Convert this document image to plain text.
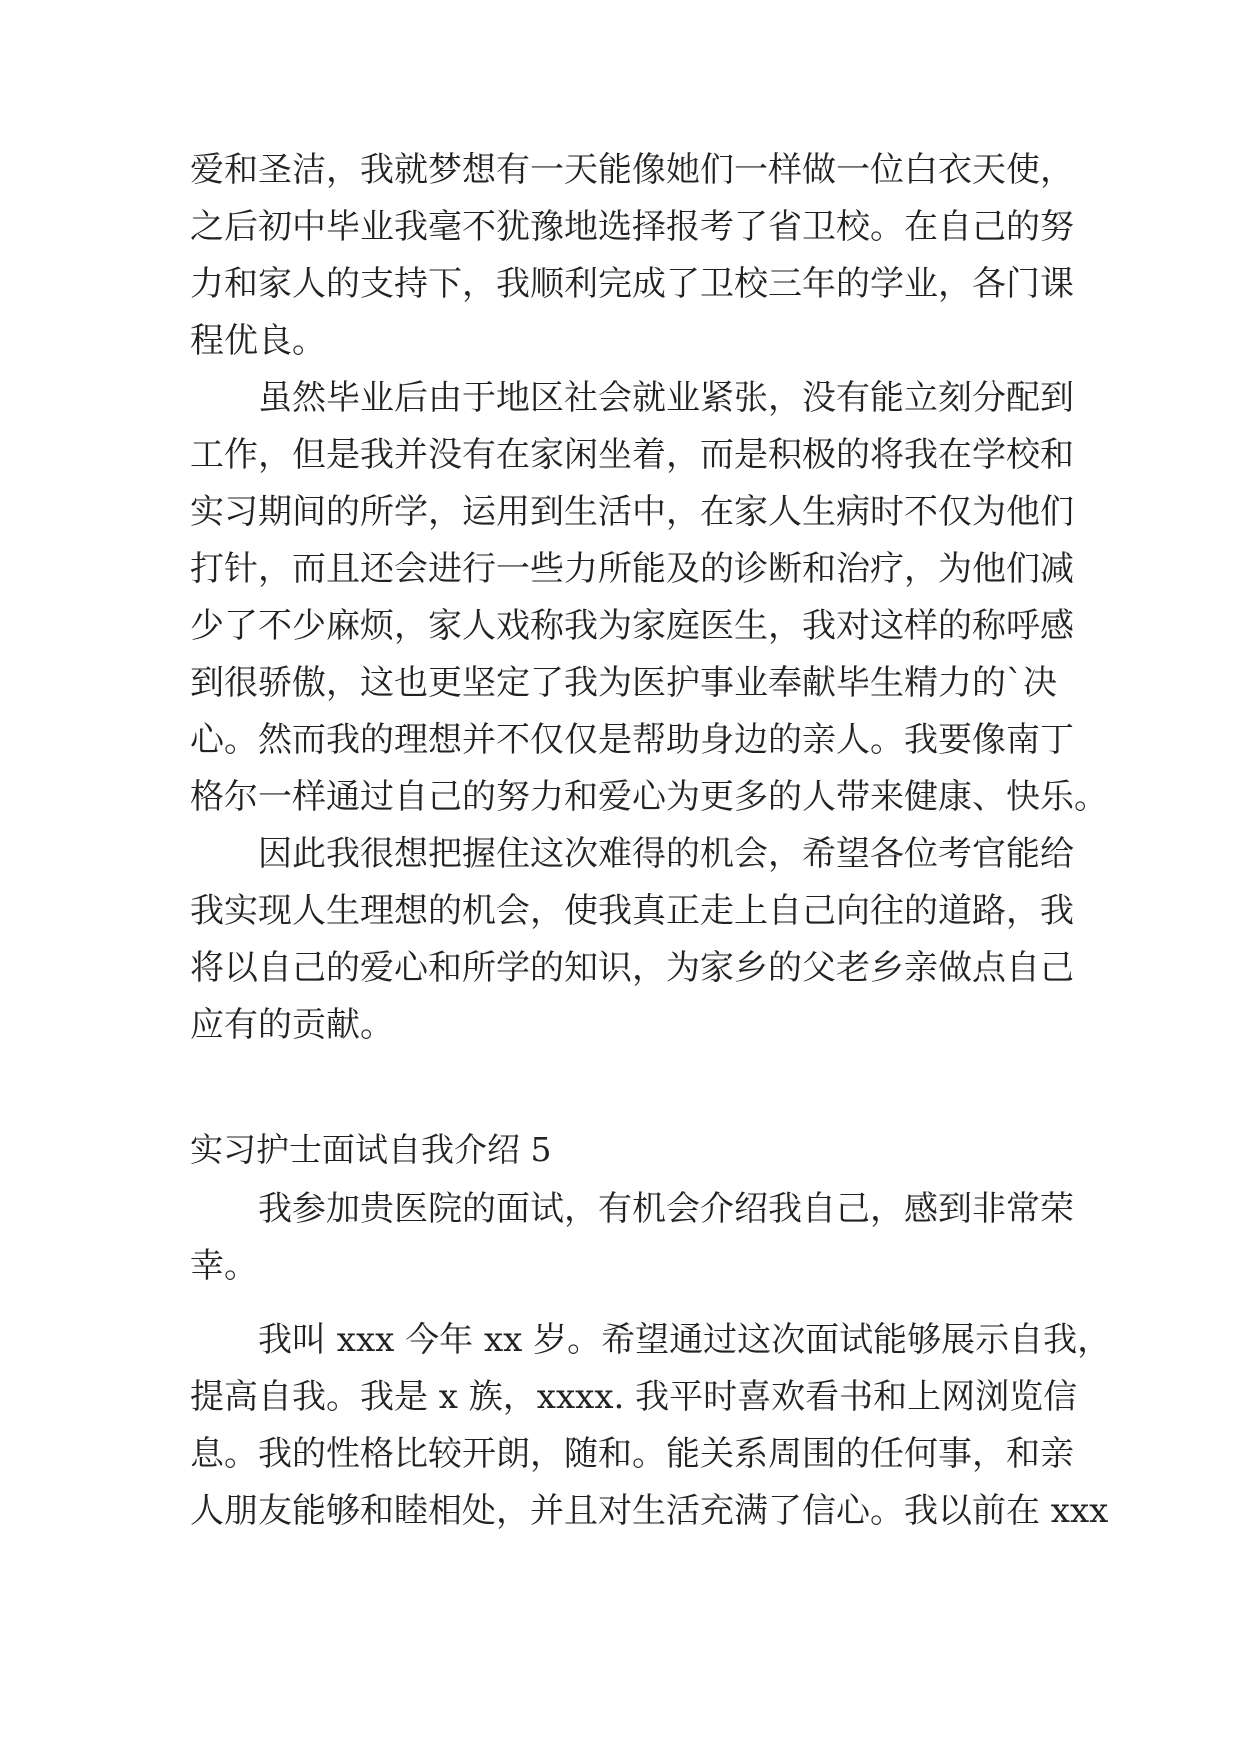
爱和圣洁，我就梦想有一天能像她们一样做一位白衣天使，
之后初中毕业我毫不犹豫地选择报考了省卫校。在自己的努
力和家人的支持下，我顺利完成了卫校三年的学业，各门课
程优良。
虽然毕业后由于地区社会就业紧张，没有能立刻分配到
工作，但是我并没有在家闲坐着，而是积极的将我在学校和
实习期间的所学，运用到生活中，在家人生病时不仅为他们
打针，而且还会进行一些力所能及的诊断和治疗，为他们减
少了不少麻烦，家人戏称我为家庭医生，我对这样的称呼感
到很骄傲，这也更坚定了我为医护事业奉献毕生精力的`决
心。然而我的理想并不仅仅是帮助身边的亲人。我要像南丁
格尔一样通过自己的努力和爱心为更多的人带来健康、快乐。
因此我很想把握住这次难得的机会，希望各位考官能给
我实现人生理想的机会，使我真正走上自己向往的道路，我
将以自己的爱心和所学的知识，为家乡的父老乡亲做点自己
应有的贡献。
实习护士面试自我介绍 5
我参加贵医院的面试，有机会介绍我自己，感到非常荣
幸。
我叫 xxx 今年 xx 岁。希望通过这次面试能够展示自我，
提高自我。我是 x 族，xxxx. 我平时喜欢看书和上网浏览信
息。我的性格比较开朗，随和。能关系周围的任何事，和亲
人朋友能够和睦相处，并且对生活充满了信心。我以前在 xxx
